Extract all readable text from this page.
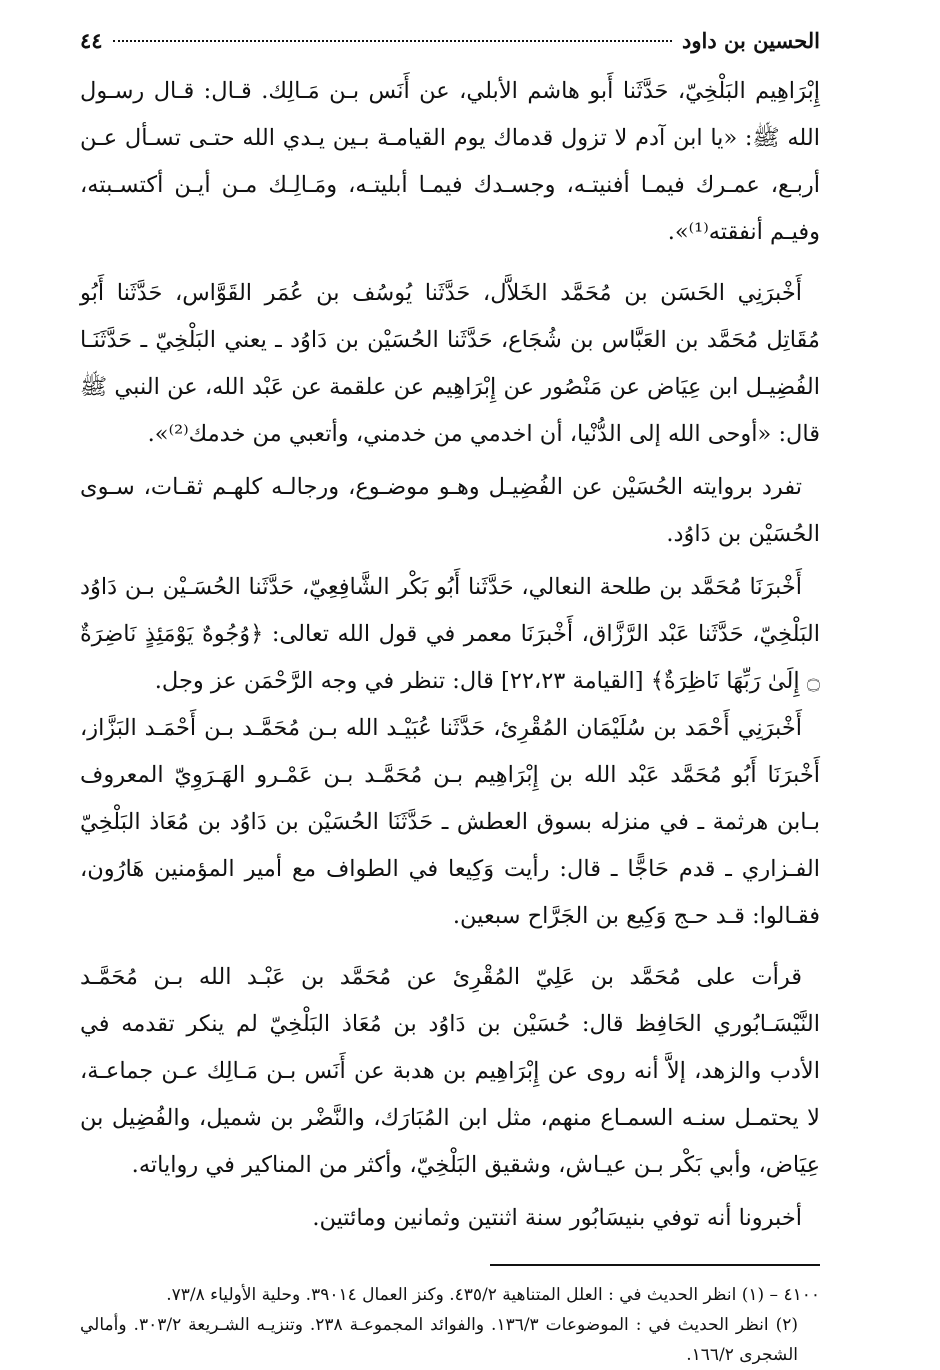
الحسين بن داود
٤٤

إِبْرَاهِيم البَلْخِيّ، حَدَّثَنا أَبو هاشم الأبلي، عن أَنَس بـن مَـالِك. قـال: قـال رسـول الله ﷺ: «يا ابن آدم لا تزول قدماك يوم القيامـة بـين يـدي الله حتـى تسـأل عـن أربـع، عمـرك فيمـا أفنيتـه، وجسـدك فيمـا أبليتـه، ومَـالِـك مـن أيـن أكتسـبته، وفيـم أنفقته⁽¹⁾».

أَخْبرَنِي الحَسَن بن مُحَمَّد الخَلاَّل، حَدَّثَنا يُوسُف بن عُمَر القَوَّاس، حَدَّثَنا أَبُو مُقَاتِل مُحَمَّد بن العَبَّاس بن شُجَاع، حَدَّثَنا الحُسَيْن بن دَاوُد ـ يعني البَلْخِيّ ـ حَدَّثَنَـا الفُضِيـل ابن عِيَاض عن مَنْصُور عن إِبْرَاهِيم عن علقمة عن عَبْد الله، عن النبي ﷺ قال: «أوحى الله إلى الدُّنْيا، أن اخدمي من خدمني، وأتعبي من خدمك⁽²⁾».

تفرد بروايته الحُسَيْن عن الفُضِيـل وهـو موضـوع، ورجالـه كلهـم ثقـات، سـوى الحُسَيْن بن دَاوُد.

أَخْبرَنَا مُحَمَّد بن طلحة النعالي، حَدَّثَنا أَبُو بَكْر الشَّافِعِيّ، حَدَّثَنا الحُسَـيْن بـن دَاوُد البَلْخِيّ، حَدَّثَنا عَبْد الرَّزَّاق، أَخْبرَنَا معمر في قول الله تعالى: ﴿وُجُوهٌ يَوْمَئِذٍ نَاضِرَةٌ ۝ إِلَىٰ رَبِّهَا نَاظِرَةٌ﴾ [القيامة ٢٢،٢٣] قال: تنظر في وجه الرَّحْمَن عز وجل.

أَخْبرَنِي أَحْمَد بن سُلَيْمَان المُقْرِئ، حَدَّثَنا عُبَيْـد الله بـن مُحَمَّـد بـن أَحْمَـد البَزَّاز، أَخْبرَنَا أَبُو مُحَمَّد عَبْد الله بن إِبْرَاهِيم بـن مُحَمَّـد بـن عَمْـرو الهَـرَوِيّ المعروف بـابن هرثمة ـ في منزله بسوق العطش ـ حَدَّثَنَا الحُسَيْن بن دَاوُد بن مُعَاذ البَلْخِيّ الفـزاري ـ قدم حَاجًّا ـ قال: رأيت وَكِيعا في الطواف مع أمير المؤمنين هَارُون، فقـالوا: قـد حـج وَكِيع بن الجَرَّاح سبعين.

قرأت على مُحَمَّد بن عَلِيّ المُقْرِئ عن مُحَمَّد بن عَبْـد الله بـن مُحَمَّـد النَّيْسَـابُوري الحَافِظ قال: حُسَيْن بن دَاوُد بن مُعَاذ البَلْخِيّ لم ينكر تقدمه في الأدب والزهد، إلاَّ أنه روى عن إِبْرَاهِيم بن هدبة عن أَنَس بـن مَـالِك عـن جماعـة، لا يحتمـل سنـه السمـاع منهم، مثل ابن المُبَارَك، والنَّضْر بن شميل، والفُضِيل بن عِيَاض، وأبي بَكْر بـن عيـاش، وشقيق البَلْخِيّ، وأكثر من المناكير في رواياته.

أخبرونا أنه توفي بنيسَابُور سنة اثنتين وثمانين ومائتين.

٤١٠٠ – (١) انظر الحديث في : العلل المتناهية ٤٣٥/٢. وكنز العمال ٣٩٠١٤. وحلية الأولياء ٧٣/٨.

(٢) انظر الحديث في : الموضوعات ١٣٦/٣. والفوائد المجموعـة ٢٣٨. وتنزيـه الشـريعة ٣٠٣/٢. وأمالي الشجرى ١٦٦/٢.
